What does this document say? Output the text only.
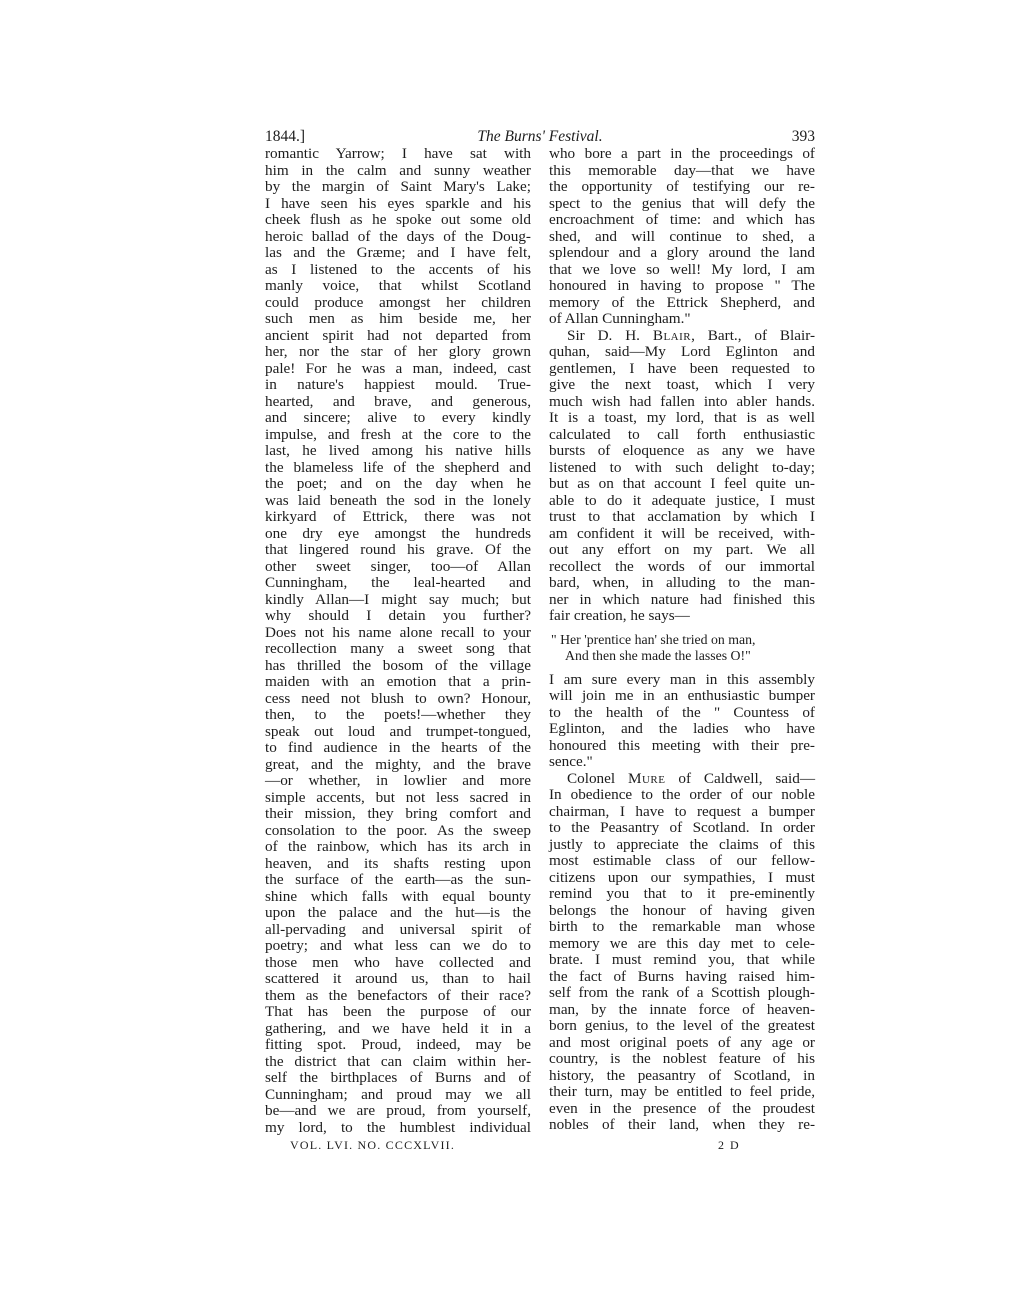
1844.]	The Burns' Festival.	393
romantic Yarrow; I have sat with
him in the calm and sunny weather
by the margin of Saint Mary's Lake;
I have seen his eyes sparkle and his
cheek flush as he spoke out some old
heroic ballad of the days of the Doug-
las and the Græme; and I have felt,
as I listened to the accents of his
manly voice, that whilst Scotland
could produce amongst her children
such men as him beside me, her
ancient spirit had not departed from
her, nor the star of her glory grown
pale! For he was a man, indeed, cast
in nature's happiest mould. True-
hearted, and brave, and generous,
and sincere; alive to every kindly
impulse, and fresh at the core to the
last, he lived among his native hills
the blameless life of the shepherd and
the poet; and on the day when he
was laid beneath the sod in the lonely
kirkyard of Ettrick, there was not
one dry eye amongst the hundreds
that lingered round his grave. Of the
other sweet singer, too—of Allan
Cunningham, the leal-hearted and
kindly Allan—I might say much; but
why should I detain you further?
Does not his name alone recall to your
recollection many a sweet song that
has thrilled the bosom of the village
maiden with an emotion that a prin-
cess need not blush to own? Honour,
then, to the poets!—whether they
speak out loud and trumpet-tongued,
to find audience in the hearts of the
great, and the mighty, and the brave
—or whether, in lowlier and more
simple accents, but not less sacred in
their mission, they bring comfort and
consolation to the poor. As the sweep
of the rainbow, which has its arch in
heaven, and its shafts resting upon
the surface of the earth—as the sun-
shine which falls with equal bounty
upon the palace and the hut—is the
all-pervading and universal spirit of
poetry; and what less can we do to
those men who have collected and
scattered it around us, than to hail
them as the benefactors of their race?
That has been the purpose of our
gathering, and we have held it in a
fitting spot. Proud, indeed, may be
the district that can claim within her-
self the birthplaces of Burns and of
Cunningham; and proud may we all
be—and we are proud, from yourself,
my lord, to the humblest individual
who bore a part in the proceedings of
this memorable day—that we have
the opportunity of testifying our re-
spect to the genius that will defy the
encroachment of time: and which has
shed, and will continue to shed, a
splendour and a glory around the land
that we love so well! My lord, I am
honoured in having to propose " The
memory of the Ettrick Shepherd, and
of Allan Cunningham."
Sir D. H. Blair, Bart., of Blair-
quhan, said—My Lord Eglinton and
gentlemen, I have been requested to
give the next toast, which I very
much wish had fallen into abler hands.
It is a toast, my lord, that is as well
calculated to call forth enthusiastic
bursts of eloquence as any we have
listened to with such delight to-day;
but as on that account I feel quite un-
able to do it adequate justice, I must
trust to that acclamation by which I
am confident it will be received, with-
out any effort on my part. We all
recollect the words of our immortal
bard, when, in alluding to the man-
ner in which nature had finished this
fair creation, he says—
" Her 'prentice han' she tried on man,
And then she made the lasses O!"
I am sure every man in this assembly
will join me in an enthusiastic bumper
to the health of the " Countess of
Eglinton, and the ladies who have
honoured this meeting with their pre-
sence."
Colonel Mure of Caldwell, said—
In obedience to the order of our noble
chairman, I have to request a bumper
to the Peasantry of Scotland. In order
justly to appreciate the claims of this
most estimable class of our fellow-
citizens upon our sympathies, I must
remind you that to it pre-eminently
belongs the honour of having given
birth to the remarkable man whose
memory we are this day met to cele-
brate. I must remind you, that while
the fact of Burns having raised him-
self from the rank of a Scottish plough-
man, by the innate force of heaven-
born genius, to the level of the greatest
and most original poets of any age or
country, is the noblest feature of his
history, the peasantry of Scotland, in
their turn, may be entitled to feel pride,
even in the presence of the proudest
nobles of their land, when they re-
VOL. LVI. NO. CCCXLVII.	2 D
